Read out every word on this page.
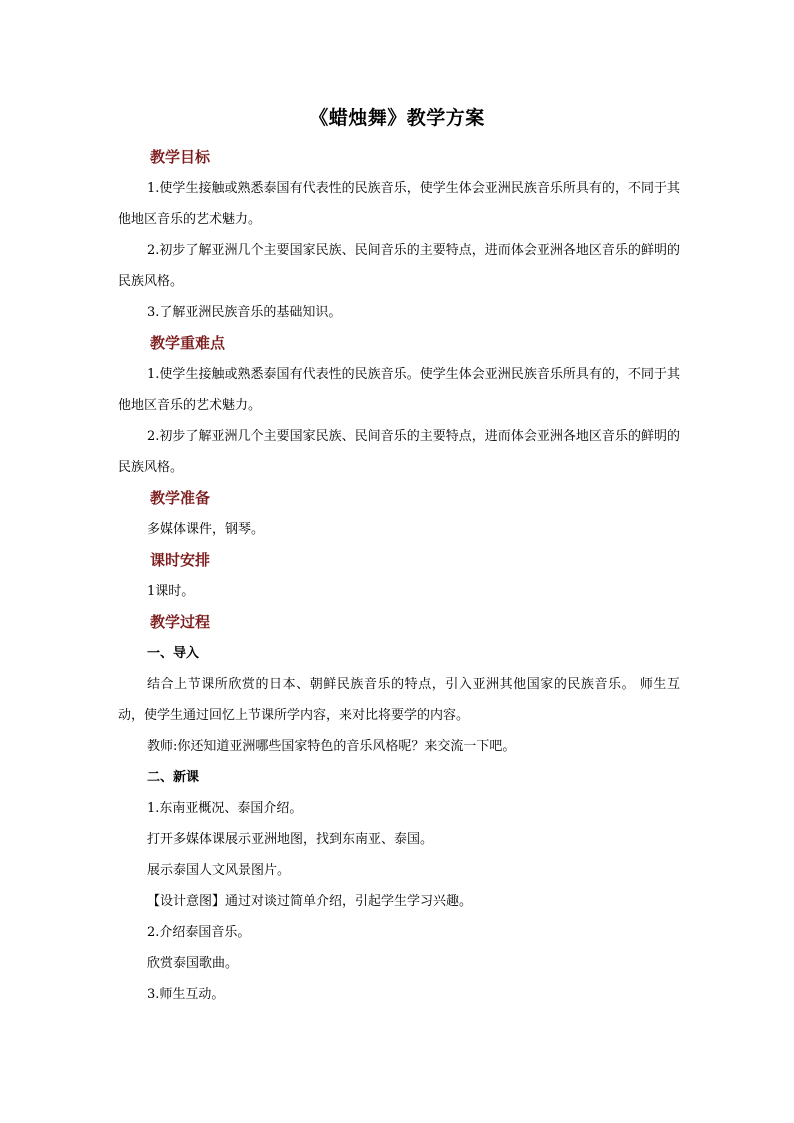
《蜡烛舞》教学方案
教学目标

1.使学生接触或熟悉泰国有代表性的民族音乐，使学生体会亚洲民族音乐所具有的，不同于其他地区音乐的艺术魅力。

2.初步了解亚洲几个主要国家民族、民间音乐的主要特点，进而体会亚洲各地区音乐的鲜明的民族风格。

3.了解亚洲民族音乐的基础知识。

教学重难点

1.使学生接触或熟悉泰国有代表性的民族音乐。使学生体会亚洲民族音乐所具有的，不同于其他地区音乐的艺术魅力。

2.初步了解亚洲几个主要国家民族、民间音乐的主要特点，进而体会亚洲各地区音乐的鲜明的民族风格。

教学准备

多媒体课件，钢琴。

课时安排

1课时。

教学过程
一、导入

结合上节课所欣赏的日本、朝鲜民族音乐的特点，引入亚洲其他国家的民族音乐。 师生互动，使学生通过回忆上节课所学内容，来对比将要学的内容。

教师:你还知道亚洲哪些国家特色的音乐风格呢？来交流一下吧。

二、新课

1.东南亚概况、泰国介绍。

打开多媒体课展示亚洲地图，找到东南亚、泰国。

展示泰国人文风景图片。

【设计意图】通过对谈过简单介绍，引起学生学习兴趣。

2.介绍泰国音乐。

欣赏泰国歌曲。

3.师生互动。
